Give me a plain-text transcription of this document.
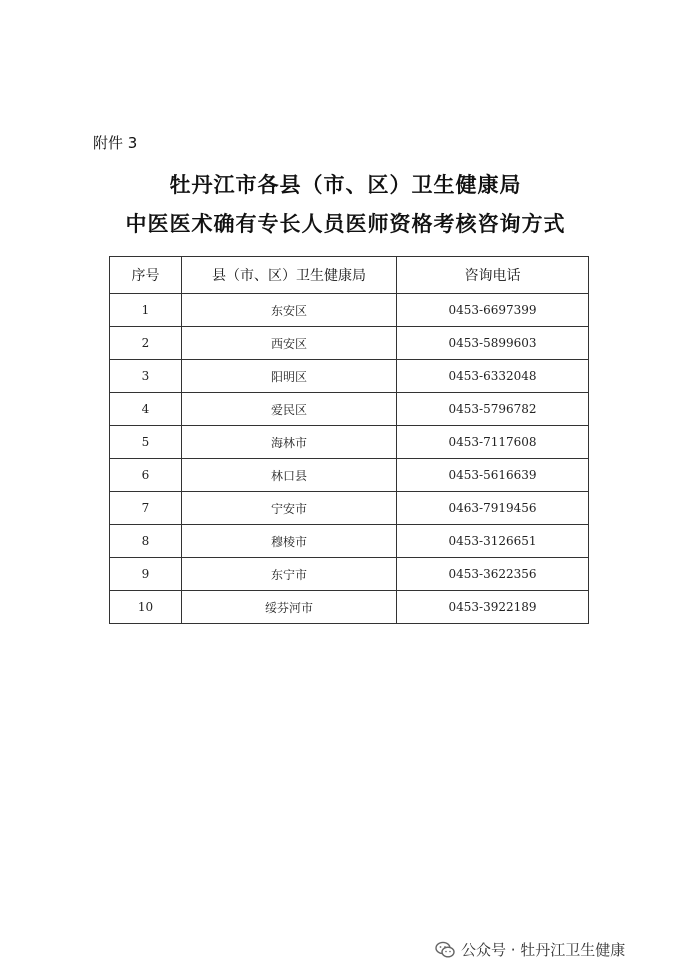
附件 3
牡丹江市各县（市、区）卫生健康局
中医医术确有专长人员医师资格考核咨询方式
序号	县（市、区）卫生健康局	咨询电话
1	东安区	0453-6697399
2	西安区	0453-5899603
3	阳明区	0453-6332048
4	爱民区	0453-5796782
5	海林市	0453-7117608
6	林口县	0453-5616639
7	宁安市	0463-7919456
8	穆棱市	0453-3126651
9	东宁市	0453-3622356
10	绥芬河市	0453-3922189
公众号 · 牡丹江卫生健康
